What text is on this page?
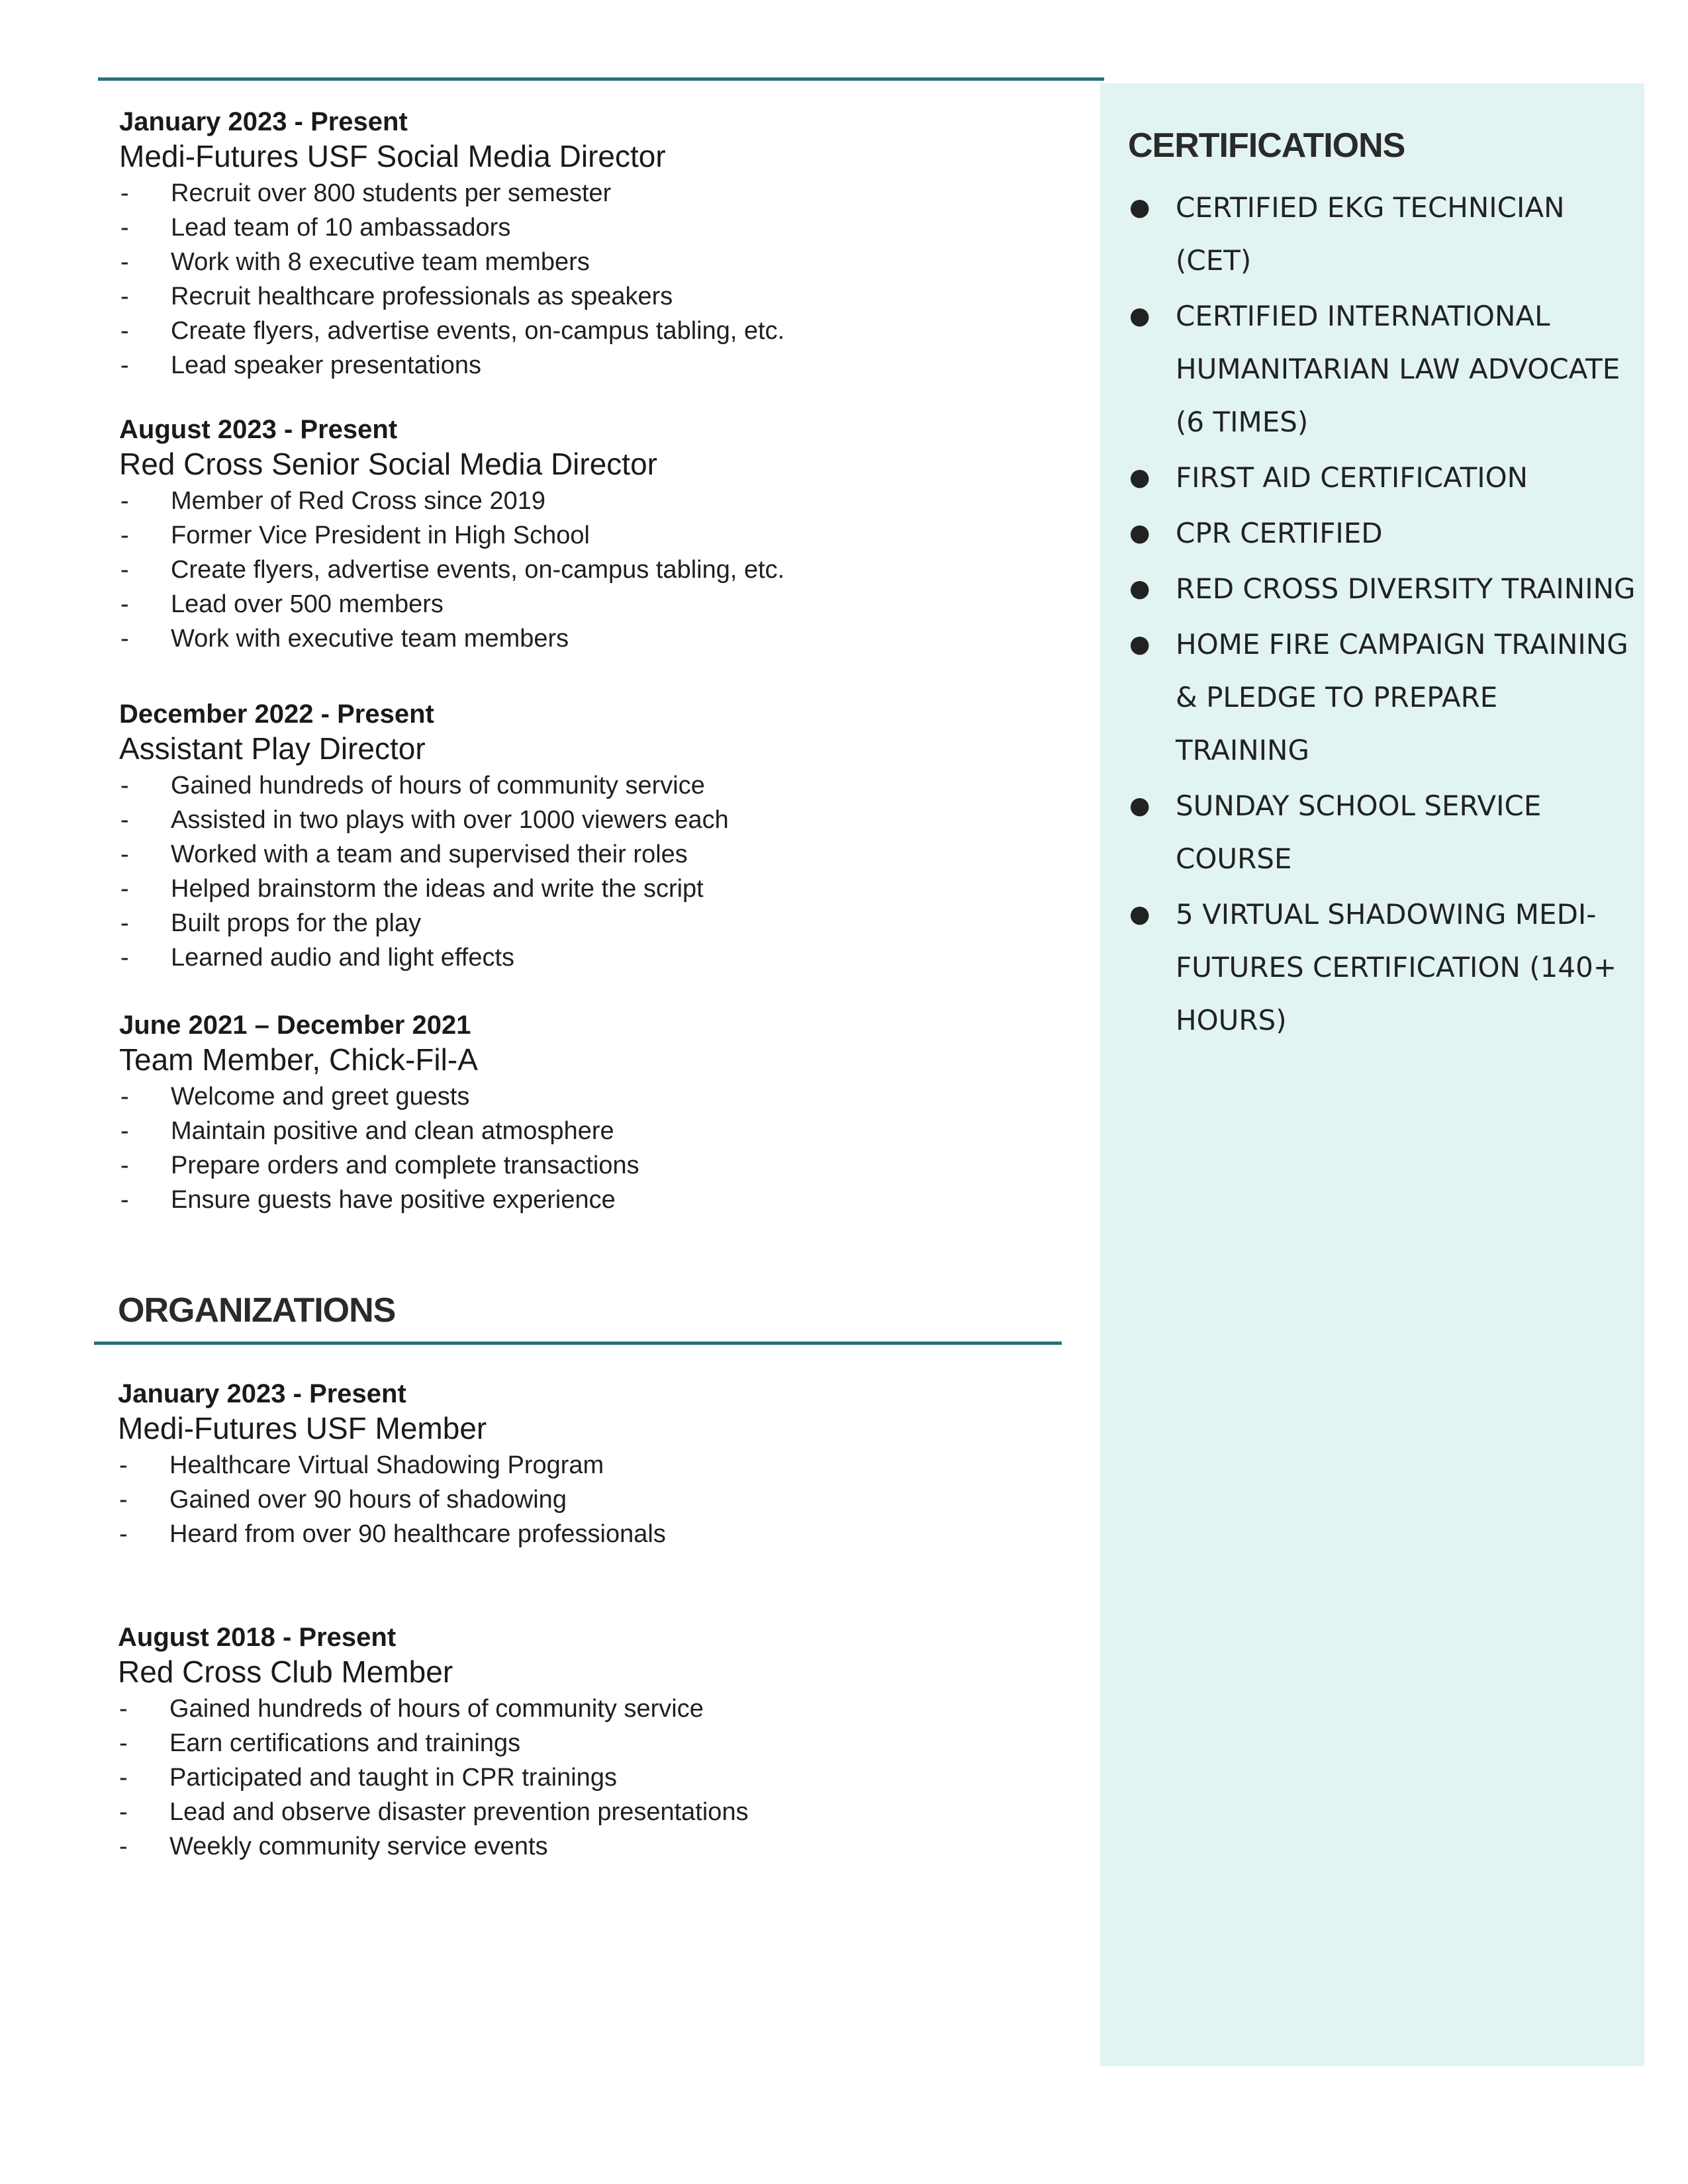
January 2023 - Present

Medi-Futures USF Social Media Director

- Recruit over 800 students per semester
- Lead team of 10 ambassadors
- Work with 8 executive team members
- Recruit healthcare professionals as speakers
- Create flyers, advertise events, on-campus tabling, etc.
- Lead speaker presentations

August 2023 - Present

Red Cross Senior Social Media Director

- Member of Red Cross since 2019
- Former Vice President in High School
- Create flyers, advertise events, on-campus tabling, etc.
- Lead over 500 members
- Work with executive team members

December 2022 - Present

Assistant Play Director

- Gained hundreds of hours of community service
- Assisted in two plays with over 1000 viewers each
- Worked with a team and supervised their roles
- Helped brainstorm the ideas and write the script
- Built props for the play
- Learned audio and light effects

June 2021 – December 2021

Team Member, Chick-Fil-A

- Welcome and greet guests
- Maintain positive and clean atmosphere
- Prepare orders and complete transactions
- Ensure guests have positive experience
ORGANIZATIONS

January 2023 - Present

Medi-Futures USF Member

- Healthcare Virtual Shadowing Program
- Gained over 90 hours of shadowing
- Heard from over 90 healthcare professionals

August 2018 - Present

Red Cross Club Member

- Gained hundreds of hours of community service
- Earn certifications and trainings
- Participated and taught in CPR trainings
- Lead and observe disaster prevention presentations
- Weekly community service events
CERTIFICATIONS
● CERTIFIED EKG TECHNICIAN (CET)
● CERTIFIED INTERNATIONAL HUMANITARIAN LAW ADVOCATE (6 TIMES)
● FIRST AID CERTIFICATION
● CPR CERTIFIED
● RED CROSS DIVERSITY TRAINING
● HOME FIRE CAMPAIGN TRAINING & PLEDGE TO PREPARE TRAINING
● SUNDAY SCHOOL SERVICE COURSE
● 5 VIRTUAL SHADOWING MEDI-FUTURES CERTIFICATION (140+ HOURS)
